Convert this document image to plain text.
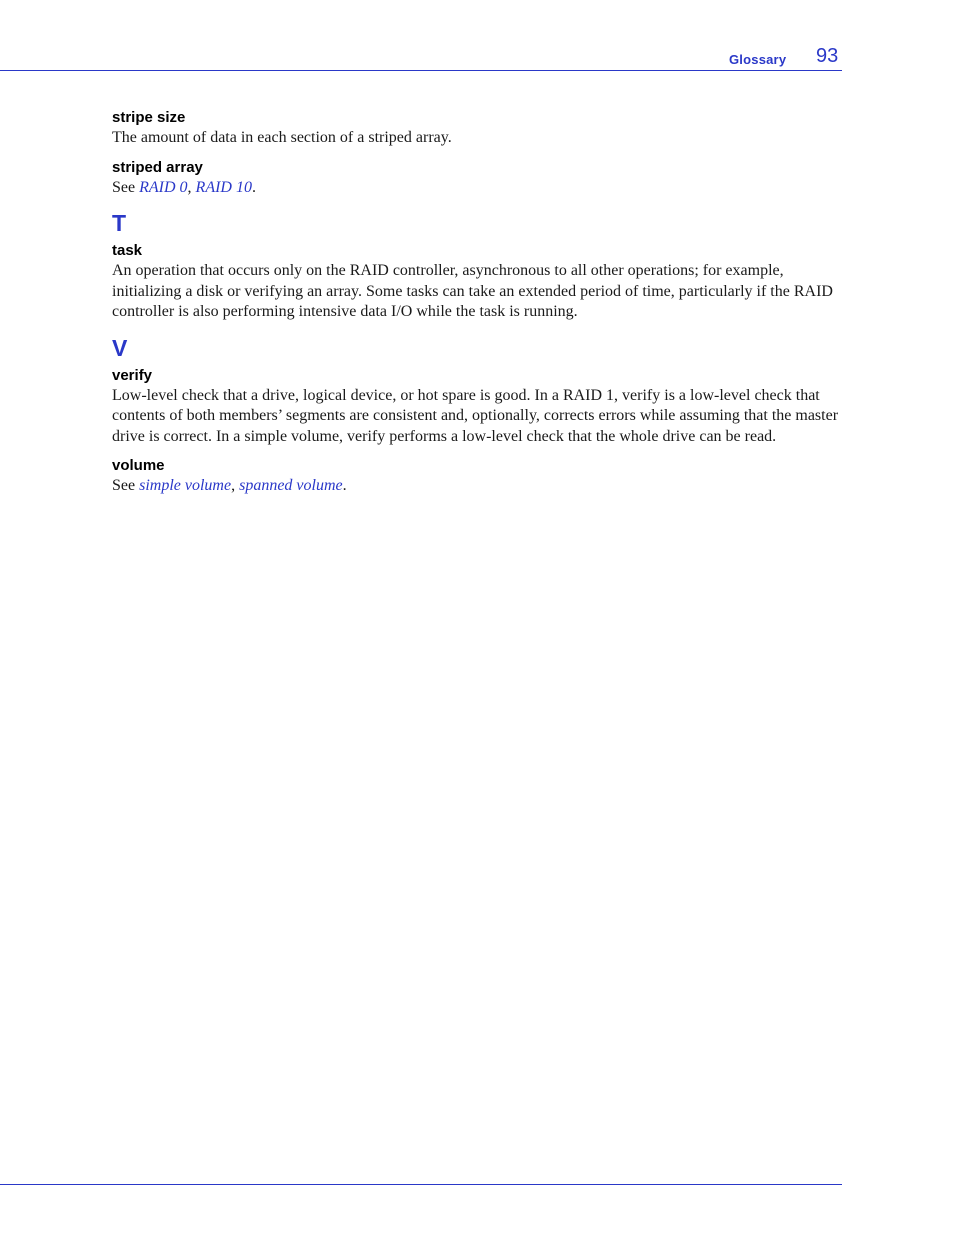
Glossary 93

stripe size

The amount of data in each section of a striped array.

striped array

See RAID 0, RAID 10.

T

task

An operation that occurs only on the RAID controller, asynchronous to all other operations; for example, initializing a disk or verifying an array. Some tasks can take an extended period of time, particularly if the RAID controller is also performing intensive data I/O while the task is running.

V

verify

Low-level check that a drive, logical device, or hot spare is good. In a RAID 1, verify is a low-level check that contents of both members’ segments are consistent and, optionally, corrects errors while assuming that the master drive is correct. In a simple volume, verify performs a low-level check that the whole drive can be read.

volume

See simple volume, spanned volume.
